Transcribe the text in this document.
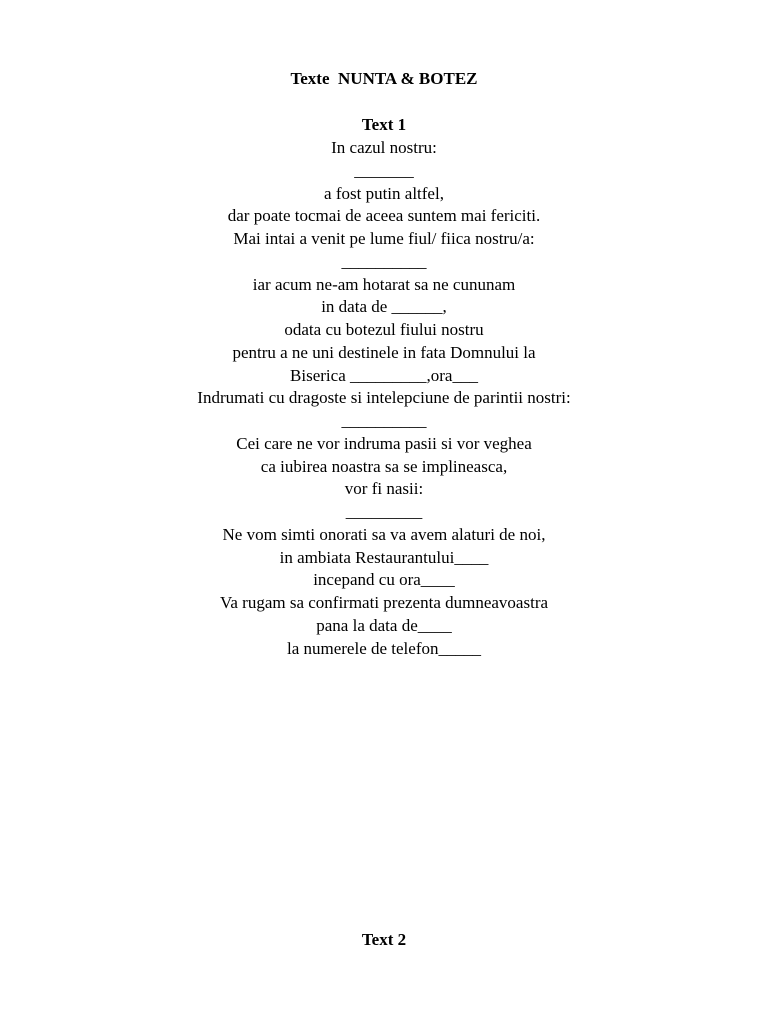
Texte  NUNTA & BOTEZ
Text 1
In cazul nostru:
_______
a fost putin altfel,
dar poate tocmai de aceea suntem mai fericiti.
Mai intai a venit pe lume fiul/ fiica nostru/a:
__________
iar acum ne-am hotarat sa ne cununam
in data de ______,
odata cu botezul fiului nostru
pentru a ne uni destinele in fata Domnului la
Biserica _________,ora___
Indrumati cu dragoste si intelepciune de parintii nostri:
__________
Cei care ne vor indruma pasii si vor veghea
ca iubirea noastra sa se implineasca,
vor fi nasii:
_________
Ne vom simti onorati sa va avem alaturi de noi,
in ambiata Restaurantului____
incepand cu ora____
Va rugam sa confirmati prezenta dumneavoastra
pana la data de____
la numerele de telefon_____
Text 2
